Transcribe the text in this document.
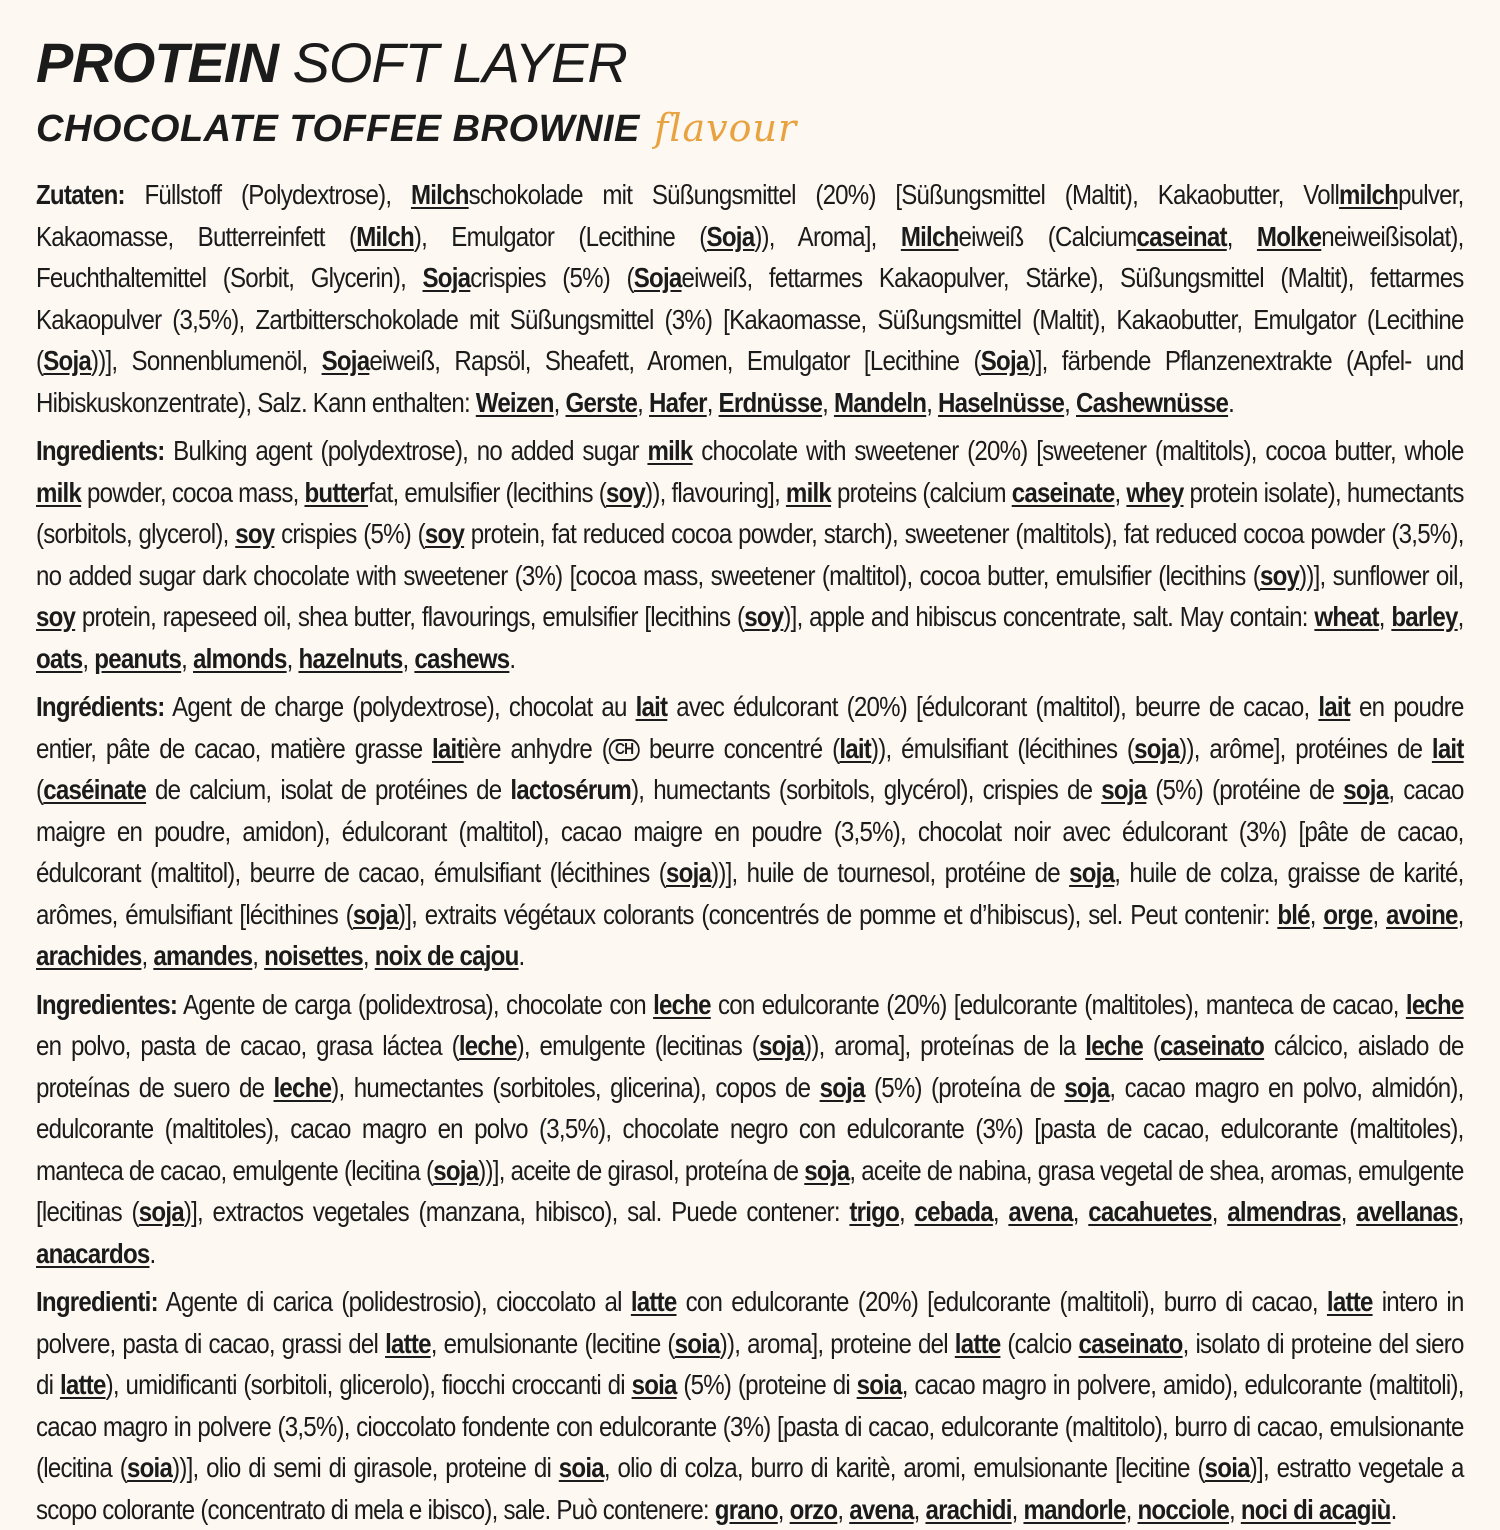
PROTEIN SOFT LAYER
CHOCOLATE TOFFEE BROWNIE flavour

Zutaten: Füllstoff (Polydextrose), Milchschokolade mit Süßungsmittel (20%) [Süßungsmittel (Maltit), Kakaobutter, Vollmilchpulver, Kakaomasse, Butterreinfett (Milch), Emulgator (Lecithine (Soja)), Aroma], Milcheiweiß (Calciumcaseinat, Molkeneiweißisolat), Feuchthaltemittel (Sorbit, Glycerin), Sojacrispies (5%) (Sojaeiweiß, fettarmes Kakaopulver, Stärke), Süßungsmittel (Maltit), fettarmes Kakaopulver (3,5%), Zartbitterschokolade mit Süßungsmittel (3%) [Kakaomasse, Süßungsmittel (Maltit), Kakaobutter, Emulgator (Lecithine (Soja))], Sonnenblumenöl, Sojaeiweiß, Rapsöl, Sheafett, Aromen, Emulgator [Lecithine (Soja)], färbende Pflanzenextrakte (Apfel- und Hibiskuskonzentrate), Salz. Kann enthalten: Weizen, Gerste, Hafer, Erdnüsse, Mandeln, Haselnüsse, Cashewnüsse.

Ingredients: Bulking agent (polydextrose), no added sugar milk chocolate with sweetener (20%) [sweetener (maltitols), cocoa butter, whole milk powder, cocoa mass, butterfat, emulsifier (lecithins (soy)), flavouring], milk proteins (calcium caseinate, whey protein isolate), humectants (sorbitols, glycerol), soy crispies (5%) (soy protein, fat reduced cocoa powder, starch), sweetener (maltitols), fat reduced cocoa powder (3,5%), no added sugar dark chocolate with sweetener (3%) [cocoa mass, sweetener (maltitol), cocoa butter, emulsifier (lecithins (soy))], sunflower oil, soy protein, rapeseed oil, shea butter, flavourings, emulsifier [lecithins (soy)], apple and hibiscus concentrate, salt. May contain: wheat, barley, oats, peanuts, almonds, hazelnuts, cashews.

Ingrédients: Agent de charge (polydextrose), chocolat au lait avec édulcorant (20%) [édulcorant (maltitol), beurre de cacao, lait en poudre entier, pâte de cacao, matière grasse laitière anhydre ( CH beurre concentré (lait)), émulsifiant (lécithines (soja)), arôme], protéines de lait (caséinate de calcium, isolat de protéines de lactosérum), humectants (sorbitols, glycérol), crispies de soja (5%) (protéine de soja, cacao maigre en poudre, amidon), édulcorant (maltitol), cacao maigre en poudre (3,5%), chocolat noir avec édulcorant (3%) [pâte de cacao, édulcorant (maltitol), beurre de cacao, émulsifiant (lécithines (soja))], huile de tournesol, protéine de soja, huile de colza, graisse de karité, arômes, émulsifiant [lécithines (soja)], extraits végétaux colorants (concentrés de pomme et d’hibiscus), sel. Peut contenir: blé, orge, avoine, arachides, amandes, noisettes, noix de cajou.

Ingredientes: Agente de carga (polidextrosa), chocolate con leche con edulcorante (20%) [edulcorante (maltitoles), manteca de cacao, leche en polvo, pasta de cacao, grasa láctea (leche), emulgente (lecitinas (soja)), aroma], proteínas de la leche (caseinato cálcico, aislado de proteínas de suero de leche), humectantes (sorbitoles, glicerina), copos de soja (5%) (proteína de soja, cacao magro en polvo, almidón), edulcorante (maltitoles), cacao magro en polvo (3,5%), chocolate negro con edulcorante (3%) [pasta de cacao, edulcorante (maltitoles), manteca de cacao, emulgente (lecitina (soja))], aceite de girasol, proteína de soja, aceite de nabina, grasa vegetal de shea, aromas, emulgente [lecitinas (soja)], extractos vegetales (manzana, hibisco), sal. Puede contener: trigo, cebada, avena, cacahuetes, almendras, avellanas, anacardos.

Ingredienti: Agente di carica (polidestrosio), cioccolato al latte con edulcorante (20%) [edulcorante (maltitoli), burro di cacao, latte intero in polvere, pasta di cacao, grassi del latte, emulsionante (lecitine (soia)), aroma], proteine del latte (calcio caseinato, isolato di proteine del siero di latte), umidificanti (sorbitoli, glicerolo), fiocchi croccanti di soia (5%) (proteine di soia, cacao magro in polvere, amido), edulcorante (maltitoli), cacao magro in polvere (3,5%), cioccolato fondente con edulcorante (3%) [pasta di cacao, edulcorante (maltitolo), burro di cacao, emulsionante (lecitina (soia))], olio di semi di girasole, proteine di soia, olio di colza, burro di karitè, aromi, emulsionante [lecitine (soia)], estratto vegetale a scopo colorante (concentrato di mela e ibisco), sale. Può contenere: grano, orzo, avena, arachidi, mandorle, nocciole, noci di acagiù.
